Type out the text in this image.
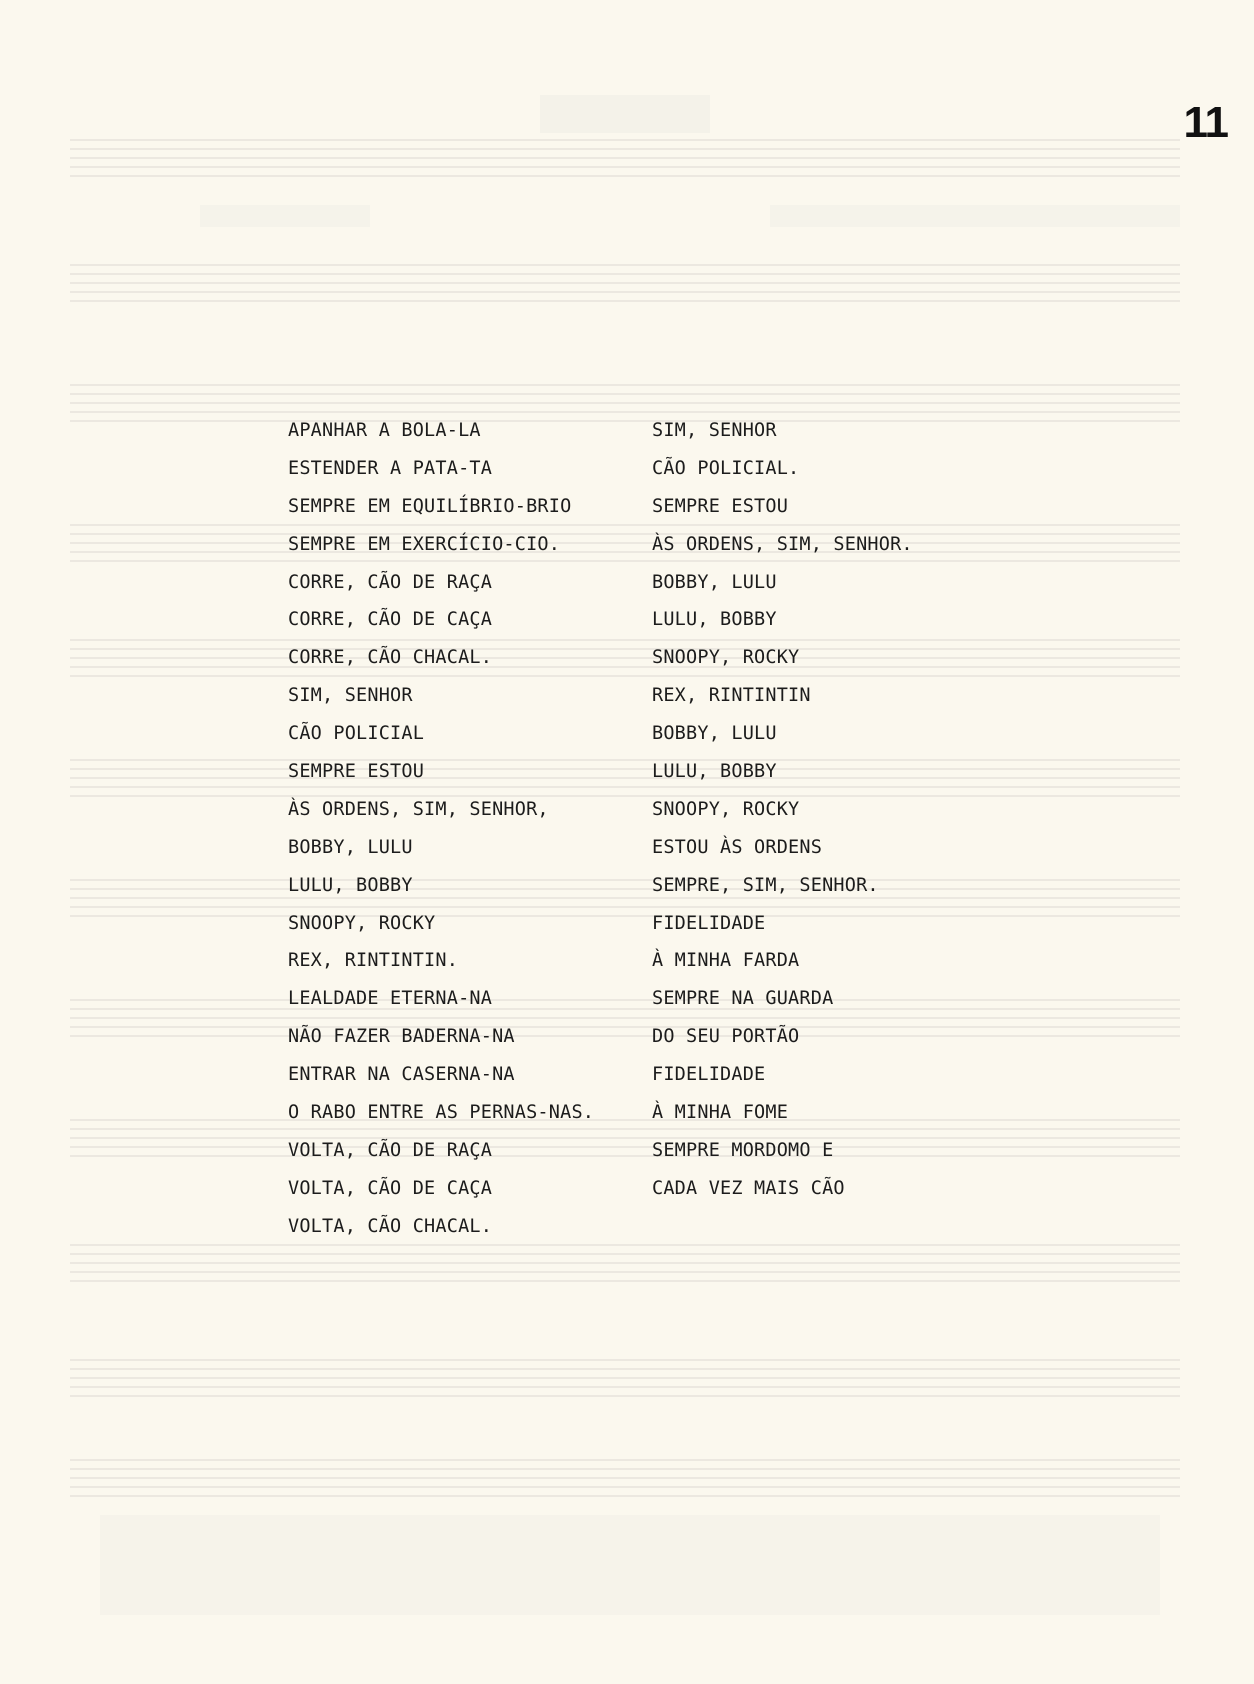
11
APANHAR A BOLA-LA
ESTENDER A PATA-TA
SEMPRE EM EQUILÍBRIO-BRIO
SEMPRE EM EXERCÍCIO-CIO.
CORRE, CÃO DE RAÇA
CORRE, CÃO DE CAÇA
CORRE, CÃO CHACAL.
SIM, SENHOR
CÃO POLICIAL
SEMPRE ESTOU
ÀS ORDENS, SIM, SENHOR,
BOBBY, LULU
LULU, BOBBY
SNOOPY, ROCKY
REX, RINTINTIN.
LEALDADE ETERNA-NA
NÃO FAZER BADERNA-NA
ENTRAR NA CASERNA-NA
O RABO ENTRE AS PERNAS-NAS.
VOLTA, CÃO DE RAÇA
VOLTA, CÃO DE CAÇA
VOLTA, CÃO CHACAL.
SIM, SENHOR
CÃO POLICIAL.
SEMPRE ESTOU
ÀS ORDENS, SIM, SENHOR.
BOBBY, LULU
LULU, BOBBY
SNOOPY, ROCKY
REX, RINTINTIN
BOBBY, LULU
LULU, BOBBY
SNOOPY, ROCKY
ESTOU ÀS ORDENS
SEMPRE, SIM, SENHOR.
FIDELIDADE
À MINHA FARDA
SEMPRE NA GUARDA
DO SEU PORTÃO
FIDELIDADE
À MINHA FOME
SEMPRE MORDOMO E
CADA VEZ MAIS CÃO
